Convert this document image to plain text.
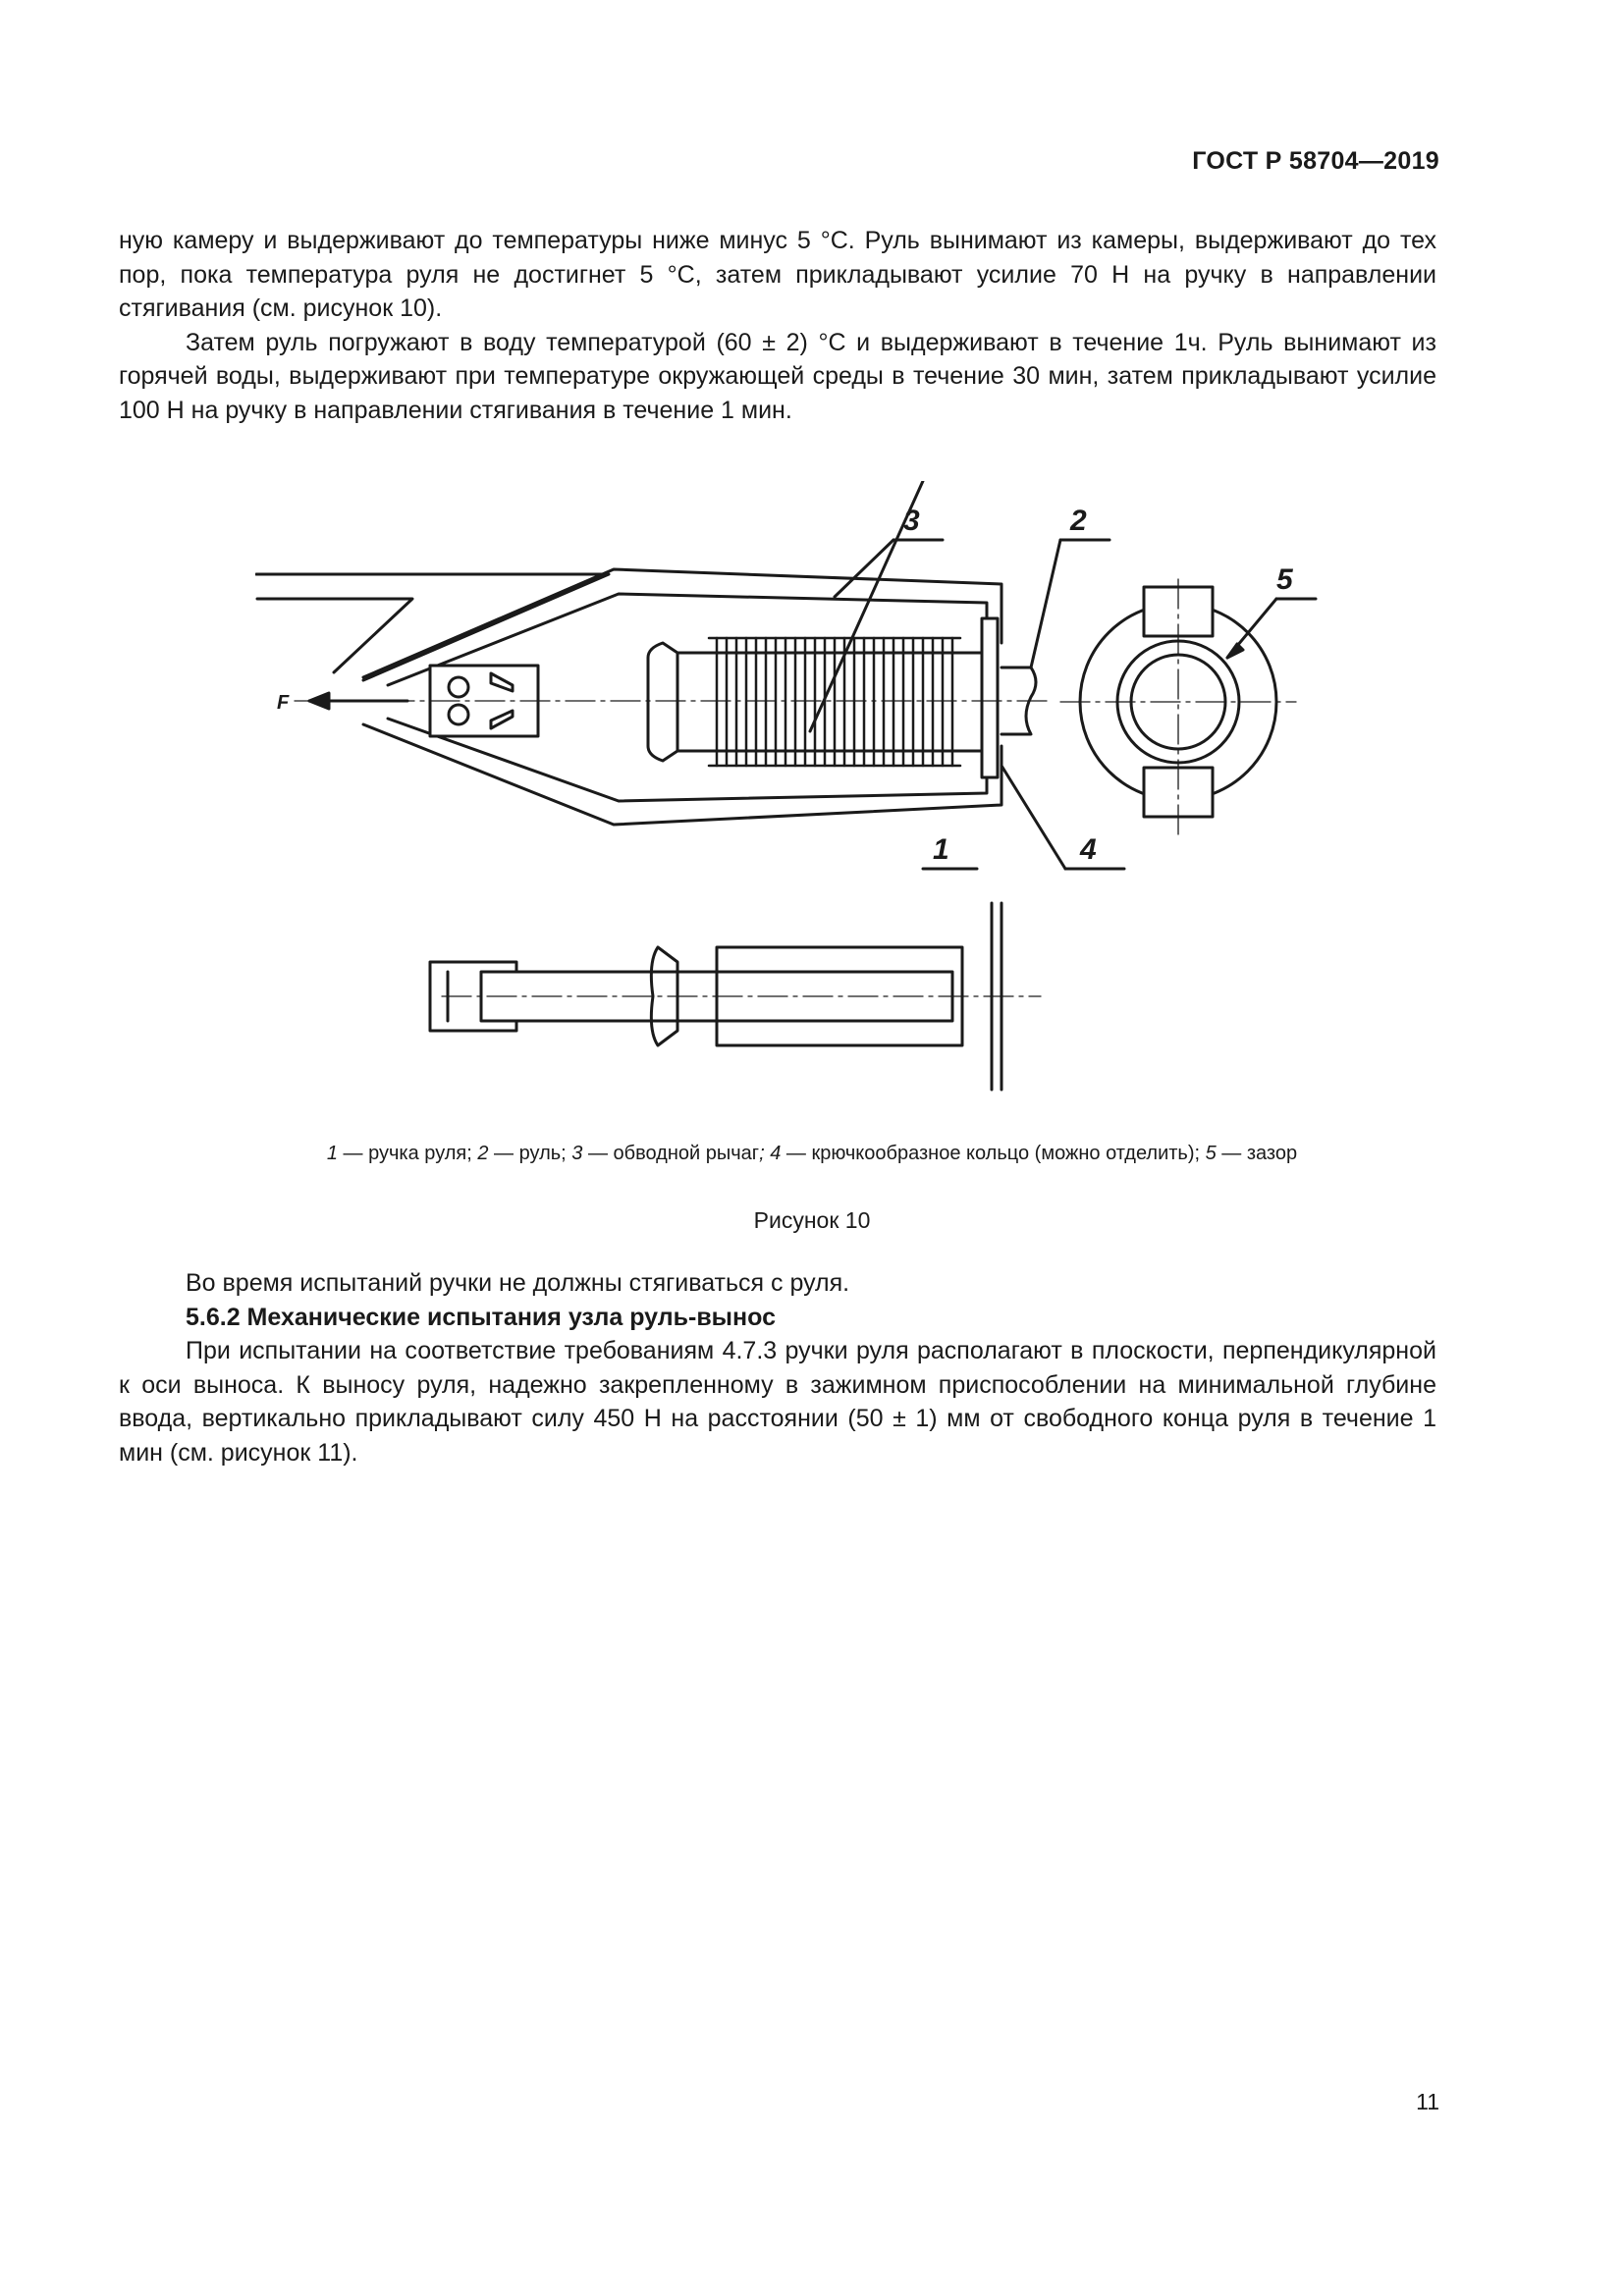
ГОСТ Р 58704—2019

ную камеру и выдерживают до температуры ниже минус 5 °С. Руль вынимают из камеры, выдерживают до тех пор, пока температура руля не достигнет 5 °С, затем прикладывают усилие 70 Н на ручку в направлении стягивания (см. рисунок 10).

Затем руль погружают в воду температурой (60 ± 2) °С и выдерживают в течение 1ч. Руль вынимают из горячей воды, выдерживают при температуре окружающей среды в течение 30 мин, затем прикладывают усилие 100 Н на ручку в направлении стягивания в течение 1 мин.

3	2
5
1	4
F
1 — ручка руля; 2 — руль; 3 — обводной рычаг; 4 — крючкообразное кольцо (можно отделить); 5 — зазор
Рисунок 10

Во время испытаний ручки не должны стягиваться с руля.

5.6.2 Механические испытания узла руль-вынос

При испытании на соответствие требованиям 4.7.3 ручки руля располагают в плоскости, перпендикулярной к оси выноса. К выносу руля, надежно закрепленному в зажимном приспособлении на минимальной глубине ввода, вертикально прикладывают силу 450 Н на расстоянии (50 ± 1) мм от свободного конца руля в течение 1 мин (см. рисунок 11).

11
